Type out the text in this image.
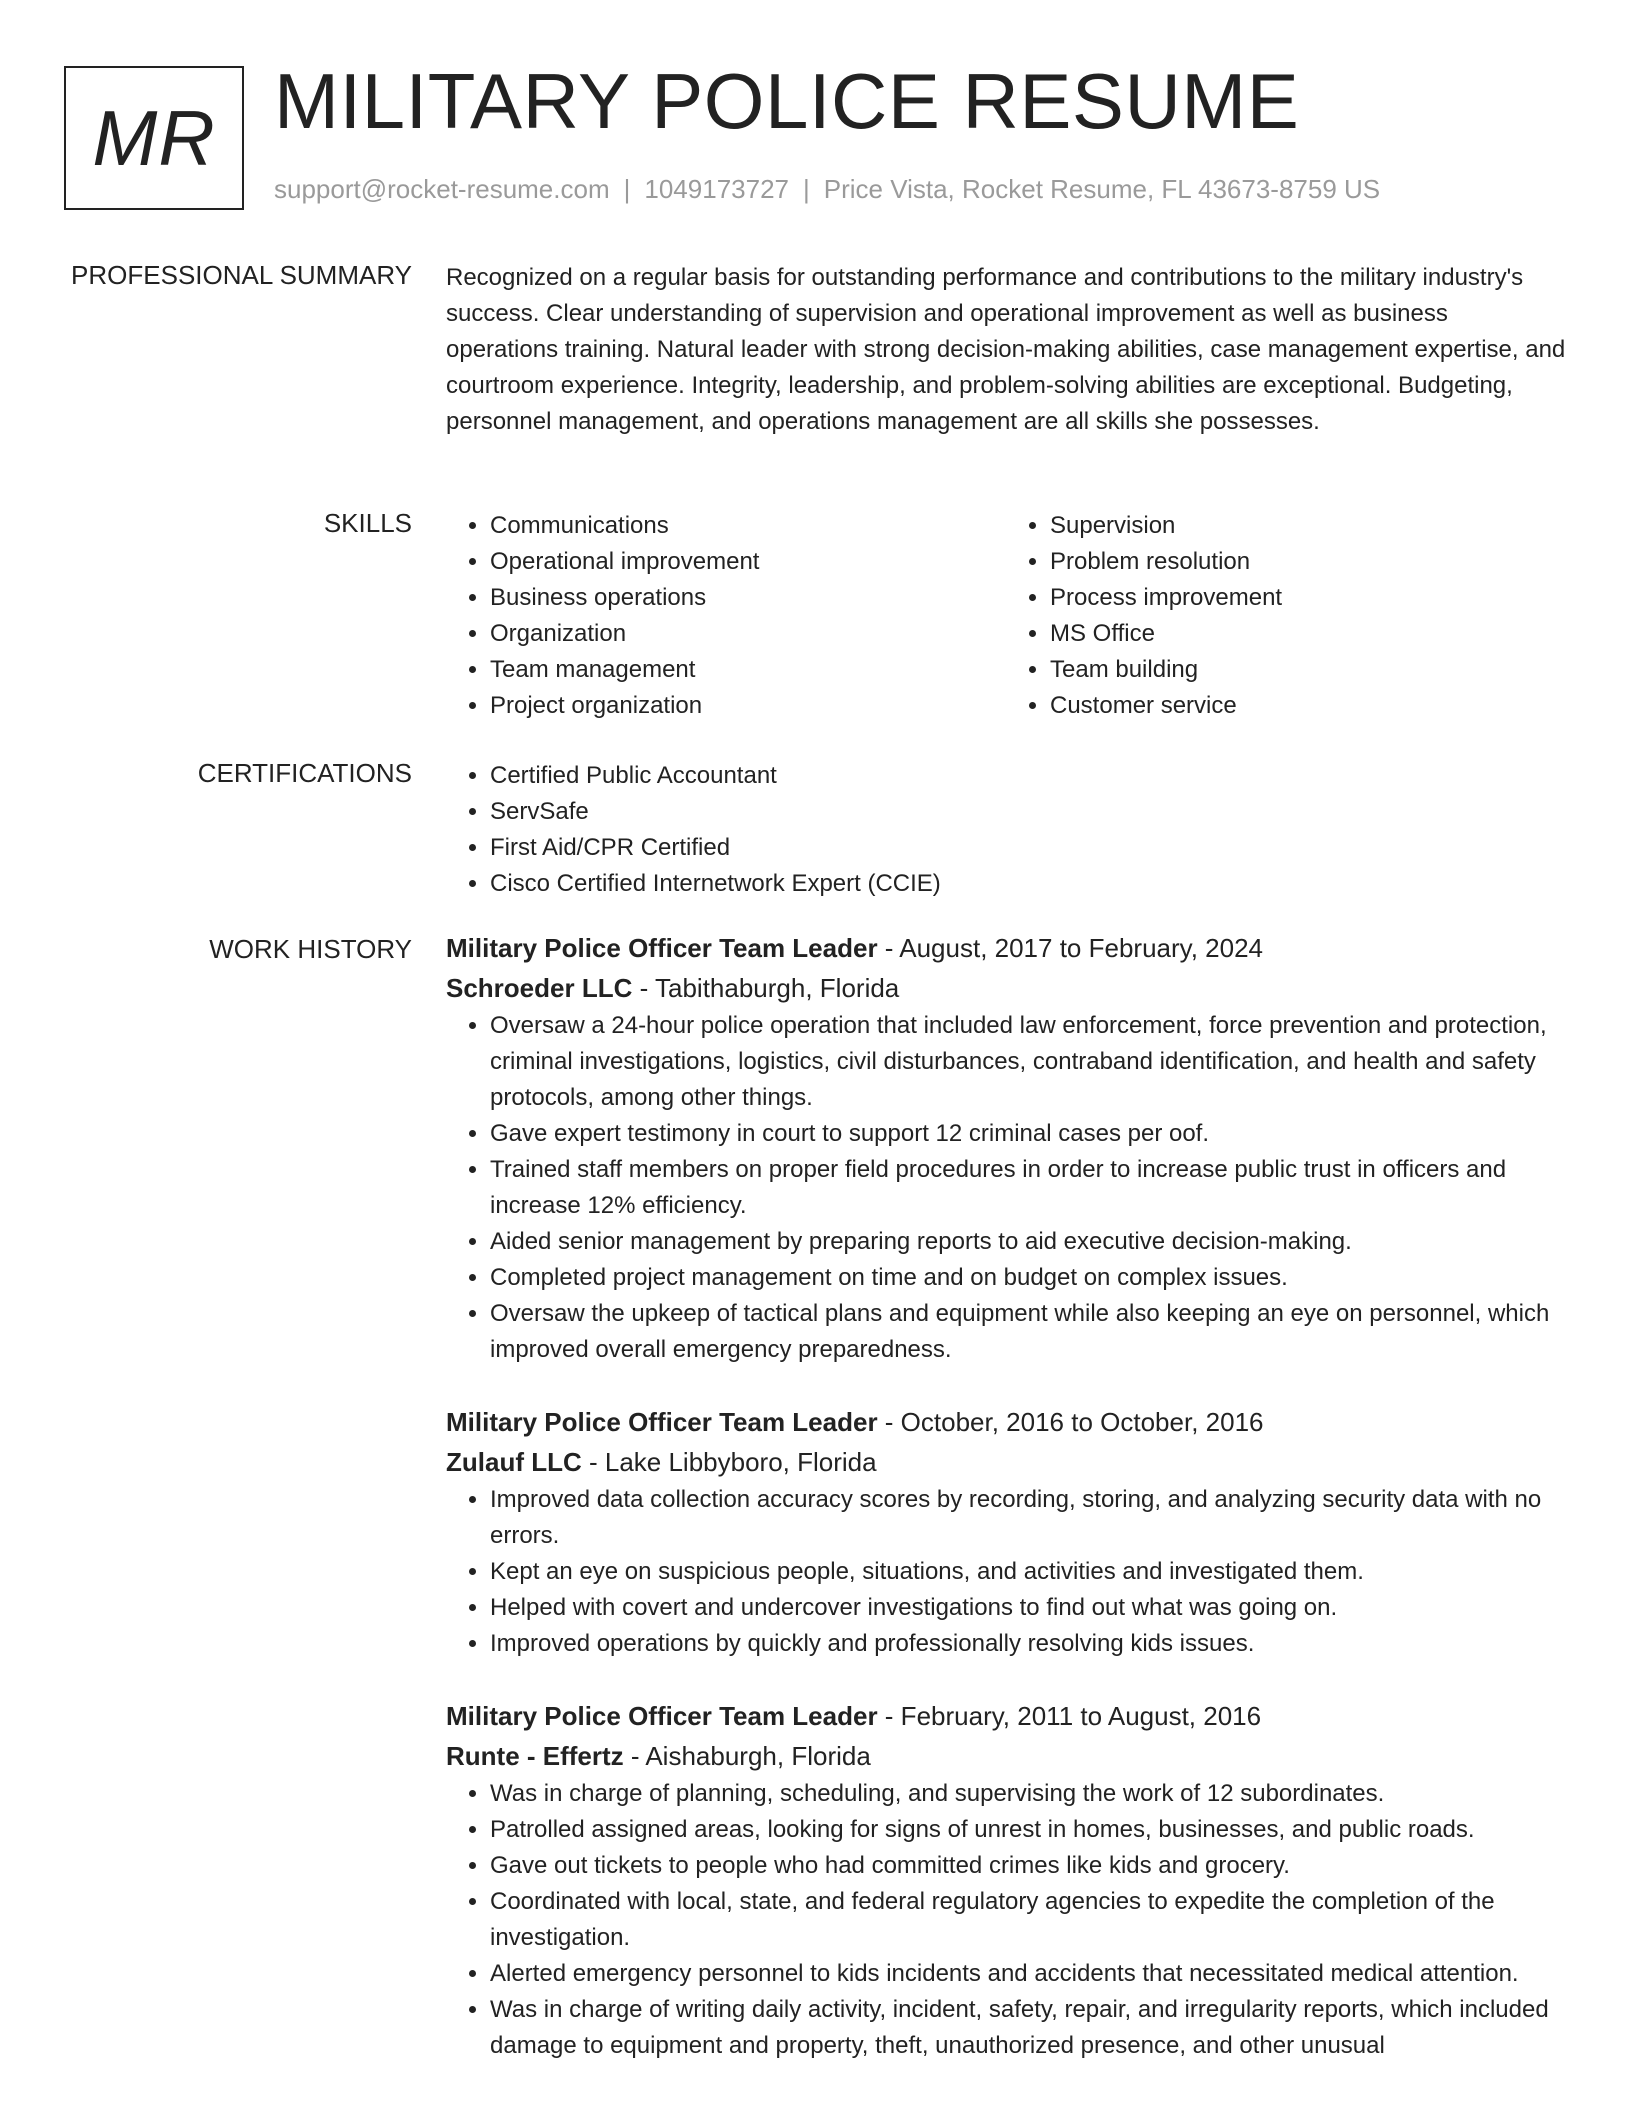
MR MILITARY POLICE RESUME
support@rocket-resume.com | 1049173727 | Price Vista, Rocket Resume, FL 43673-8759 US
PROFESSIONAL SUMMARY Recognized on a regular basis for outstanding performance and contributions to the military industry's success. Clear understanding of supervision and operational improvement as well as business operations training. Natural leader with strong decision-making abilities, case management expertise, and courtroom experience. Integrity, leadership, and problem-solving abilities are exceptional. Budgeting, personnel management, and operations management are all skills she possesses.

SKILLS	• Communications
• Operational improvement
• Business operations
• Organization
• Team management
• Project organization
• Supervision
• Problem resolution
• Process improvement
• MS Office
• Team building
• Customer service
CERTIFICATIONS	• Certified Public Accountant
• ServSafe
• First Aid/CPR Certified
• Cisco Certified Internetwork Expert (CCIE)
WORK HISTORY Military Police Officer Team Leader - August, 2017 to February, 2024
Schroeder LLC - Tabithaburgh, Florida
• Oversaw a 24-hour police operation that included law enforcement, force prevention and protection, criminal investigations, logistics, civil disturbances, contraband identification, and health and safety protocols, among other things.
• Gave expert testimony in court to support 12 criminal cases per oof.
• Trained staff members on proper field procedures in order to increase public trust in officers and increase 12% efficiency.
• Aided senior management by preparing reports to aid executive decision-making.
• Completed project management on time and on budget on complex issues.
• Oversaw the upkeep of tactical plans and equipment while also keeping an eye on personnel, which improved overall emergency preparedness.
Military Police Officer Team Leader - October, 2016 to October, 2016
Zulauf LLC - Lake Libbyboro, Florida
• Improved data collection accuracy scores by recording, storing, and analyzing security data with no errors.
• Kept an eye on suspicious people, situations, and activities and investigated them.
• Helped with covert and undercover investigations to find out what was going on.
• Improved operations by quickly and professionally resolving kids issues.
Military Police Officer Team Leader - February, 2011 to August, 2016
Runte - Effertz - Aishaburgh, Florida
• Was in charge of planning, scheduling, and supervising the work of 12 subordinates.
• Patrolled assigned areas, looking for signs of unrest in homes, businesses, and public roads.
• Gave out tickets to people who had committed crimes like kids and grocery.
• Coordinated with local, state, and federal regulatory agencies to expedite the completion of the investigation.
• Alerted emergency personnel to kids incidents and accidents that necessitated medical attention.
• Was in charge of writing daily activity, incident, safety, repair, and irregularity reports, which included damage to equipment and property, theft, unauthorized presence, and other unusual
